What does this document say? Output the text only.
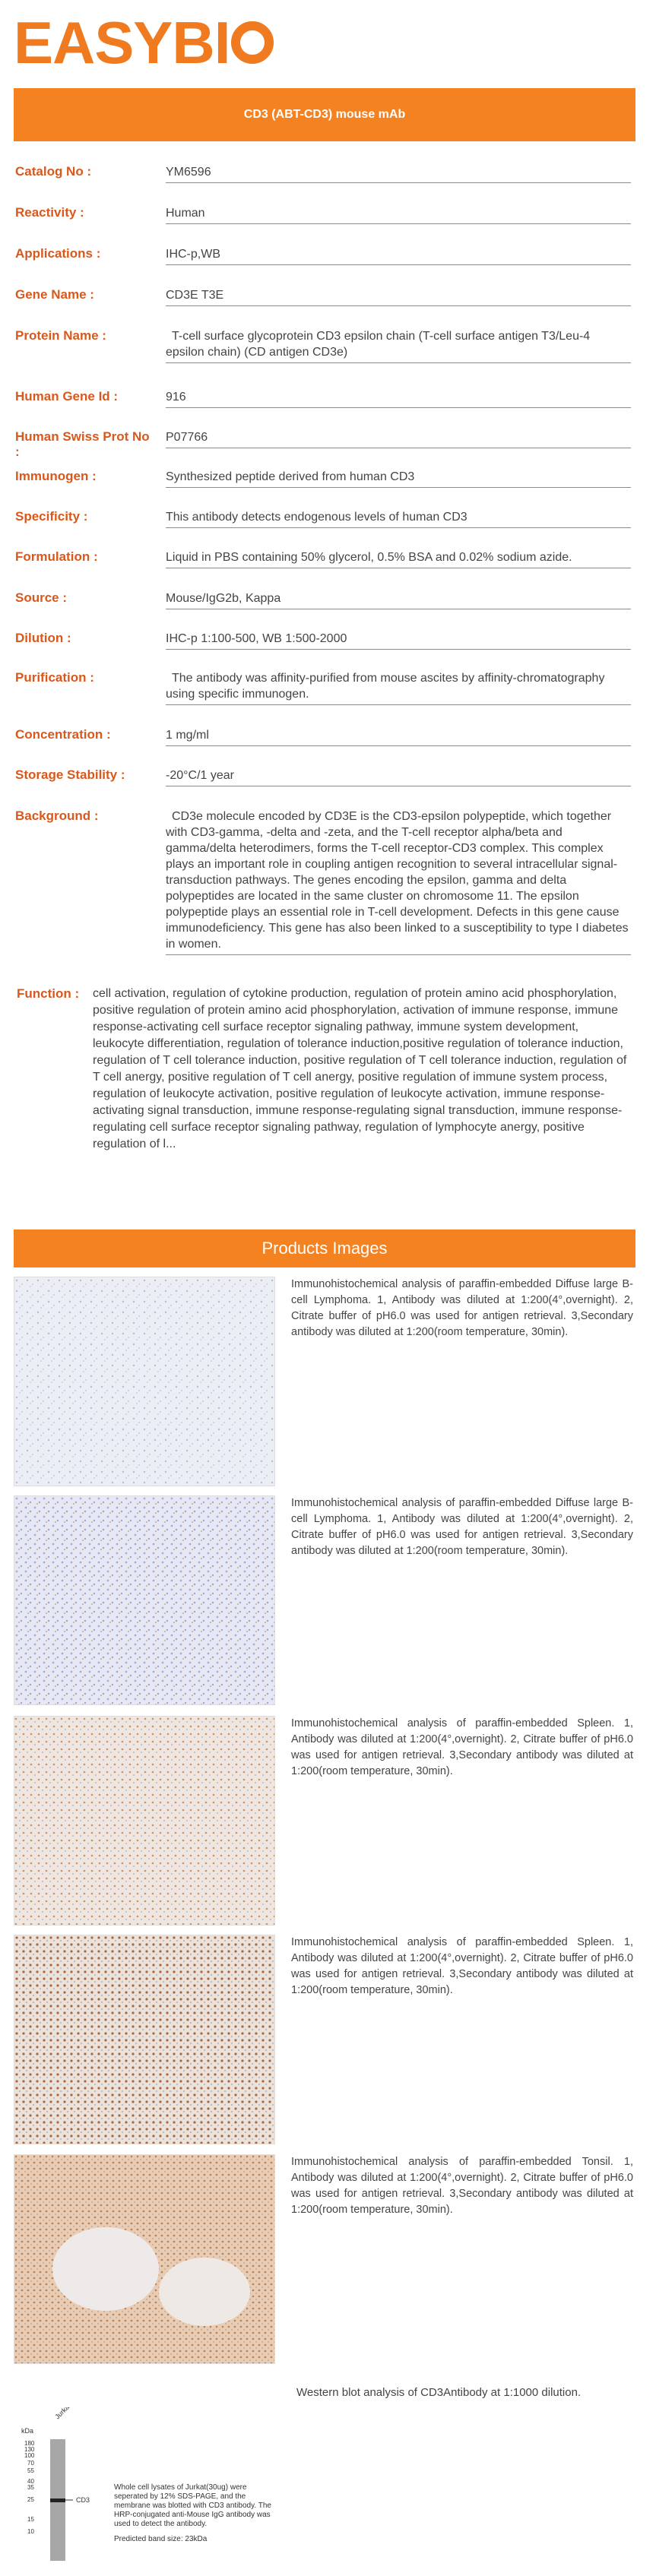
EASYBI
CD3 (ABT-CD3) mouse mAb
Catalog No :	YM6596
Reactivity :	Human
Applications :	IHC-p,WB
Gene Name :	CD3E T3E
Protein Name :	T-cell surface glycoprotein CD3 epsilon chain (T-cell surface antigen T3/Leu-4 epsilon chain) (CD antigen CD3e)
Human Gene Id :	916
Human Swiss Prot No :
P07766
Immunogen :	Synthesized peptide derived from human CD3
Specificity :	This antibody detects endogenous levels of human CD3
Formulation :	Liquid in PBS containing 50% glycerol, 0.5% BSA and 0.02% sodium azide.
Source :	Mouse/IgG2b, Kappa
Dilution :	IHC-p 1:100-500, WB 1:500-2000
Purification :	The antibody was affinity-purified from mouse ascites by affinity-chromatography using specific immunogen.
Concentration :	1 mg/ml
Storage Stability :	-20°C/1 year
Background :	CD3e molecule encoded by CD3E is the CD3-epsilon polypeptide, which together with CD3-gamma, -delta and -zeta, and the T-cell receptor alpha/beta and gamma/delta heterodimers, forms the T-cell receptor-CD3 complex. This complex plays an important role in coupling antigen recognition to several intracellular signal-transduction pathways. The genes encoding the epsilon, gamma and delta polypeptides are located in the same cluster on chromosome 11. The epsilon polypeptide plays an essential role in T-cell development. Defects in this gene cause immunodeficiency. This gene has also been linked to a susceptibility to type I diabetes in women.
Function : cell activation, regulation of cytokine production, regulation of protein amino acid phosphorylation, positive regulation of protein amino acid phosphorylation, activation of immune response, immune response-activating cell surface receptor signaling pathway, immune system development, leukocyte differentiation, regulation of tolerance induction,positive regulation of tolerance induction, regulation of T cell tolerance induction, positive regulation of T cell tolerance induction, regulation of T cell anergy, positive regulation of T cell anergy, positive regulation of immune system process, regulation of leukocyte activation, positive regulation of leukocyte activation, immune response-activating signal transduction, immune response-regulating signal transduction, immune response-regulating cell surface receptor signaling pathway, regulation of lymphocyte anergy, positive regulation of l...
Products Images
Immunohistochemical analysis of paraffin-embedded Diffuse large B-cell Lymphoma. 1, Antibody was diluted at 1:200(4°,overnight). 2, Citrate buffer of pH6.0 was used for antigen retrieval. 3,Secondary antibody was diluted at 1:200(room temperature, 30min).
Immunohistochemical analysis of paraffin-embedded Diffuse large B-cell Lymphoma. 1, Antibody was diluted at 1:200(4°,overnight). 2, Citrate buffer of pH6.0 was used for antigen retrieval. 3,Secondary antibody was diluted at 1:200(room temperature, 30min).
Immunohistochemical analysis of paraffin-embedded Spleen. 1, Antibody was diluted at 1:200(4°,overnight). 2, Citrate buffer of pH6.0 was used for antigen retrieval. 3,Secondary antibody was diluted at 1:200(room temperature, 30min).
Immunohistochemical analysis of paraffin-embedded Spleen. 1, Antibody was diluted at 1:200(4°,overnight). 2, Citrate buffer of pH6.0 was used for antigen retrieval. 3,Secondary antibody was diluted at 1:200(room temperature, 30min).
Immunohistochemical analysis of paraffin-embedded Tonsil. 1, Antibody was diluted at 1:200(4°,overnight). 2, Citrate buffer of pH6.0 was used for antigen retrieval. 3,Secondary antibody was diluted at 1:200(room temperature, 30min).
Western blot analysis of CD3Antibody at 1:1000 dilution.
Jurkat
kDa
180
130
100
70
55
40
35
25
15
10
CD3
Whole cell lysates of Jurkat(30ug) were seperated by 12% SDS-PAGE, and the membrane was blotted with CD3 antibody. The HRP-conjugated anti-Mouse IgG antibody was used to detect the antibody.
Predicted band size: 23kDa
